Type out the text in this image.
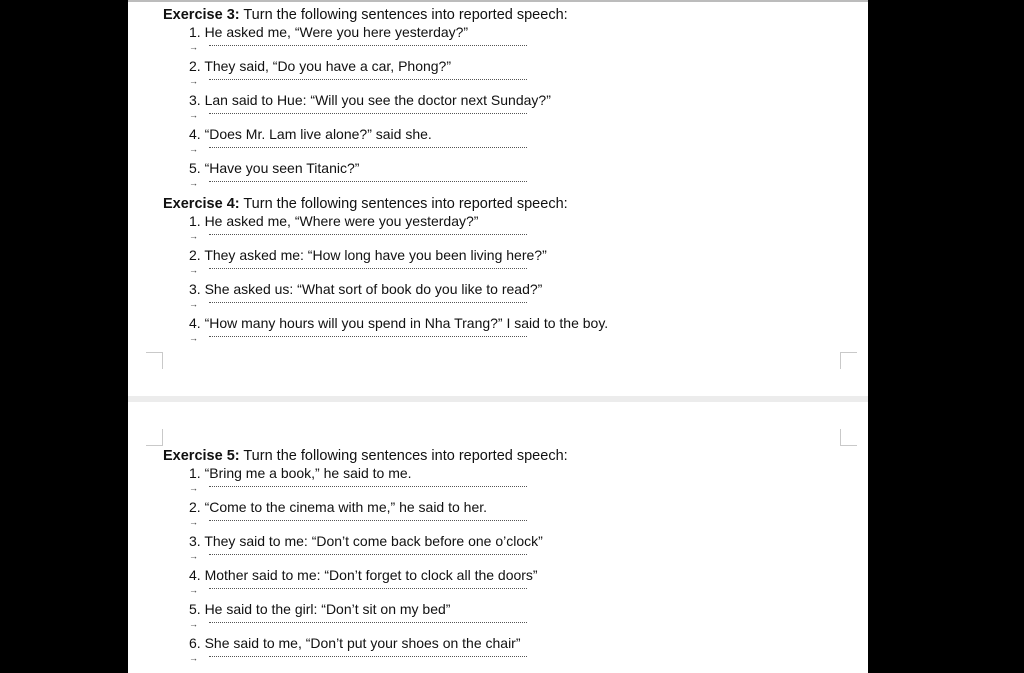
Exercise 3: Turn the following sentences into reported speech:
1. He asked me, “Were you here yesterday?”
→
2. They said, “Do you have a car, Phong?”
→
3. Lan said to Hue: “Will you see the doctor next Sunday?”
→
4. “Does Mr. Lam live alone?” said she.
→
5. “Have you seen Titanic?”
→
Exercise 4: Turn the following sentences into reported speech:
1. He asked me, “Where were you yesterday?”
→
2. They asked me: “How long have you been living here?”
→
3. She asked us: “What sort of book do you like to read?”
→
4. “How many hours will you spend in Nha Trang?” I said to the boy.
→
Exercise 5: Turn the following sentences into reported speech:
1. “Bring me a book,” he said to me.
→
2. “Come to the cinema with me,” he said to her.
→
3. They said to me: “Don’t come back before one o’clock”
→
4. Mother said to me: “Don’t forget to clock all the doors”
→
5. He said to the girl: “Don’t sit on my bed”
→
6. She said to me, “Don’t put your shoes on the chair”
→
